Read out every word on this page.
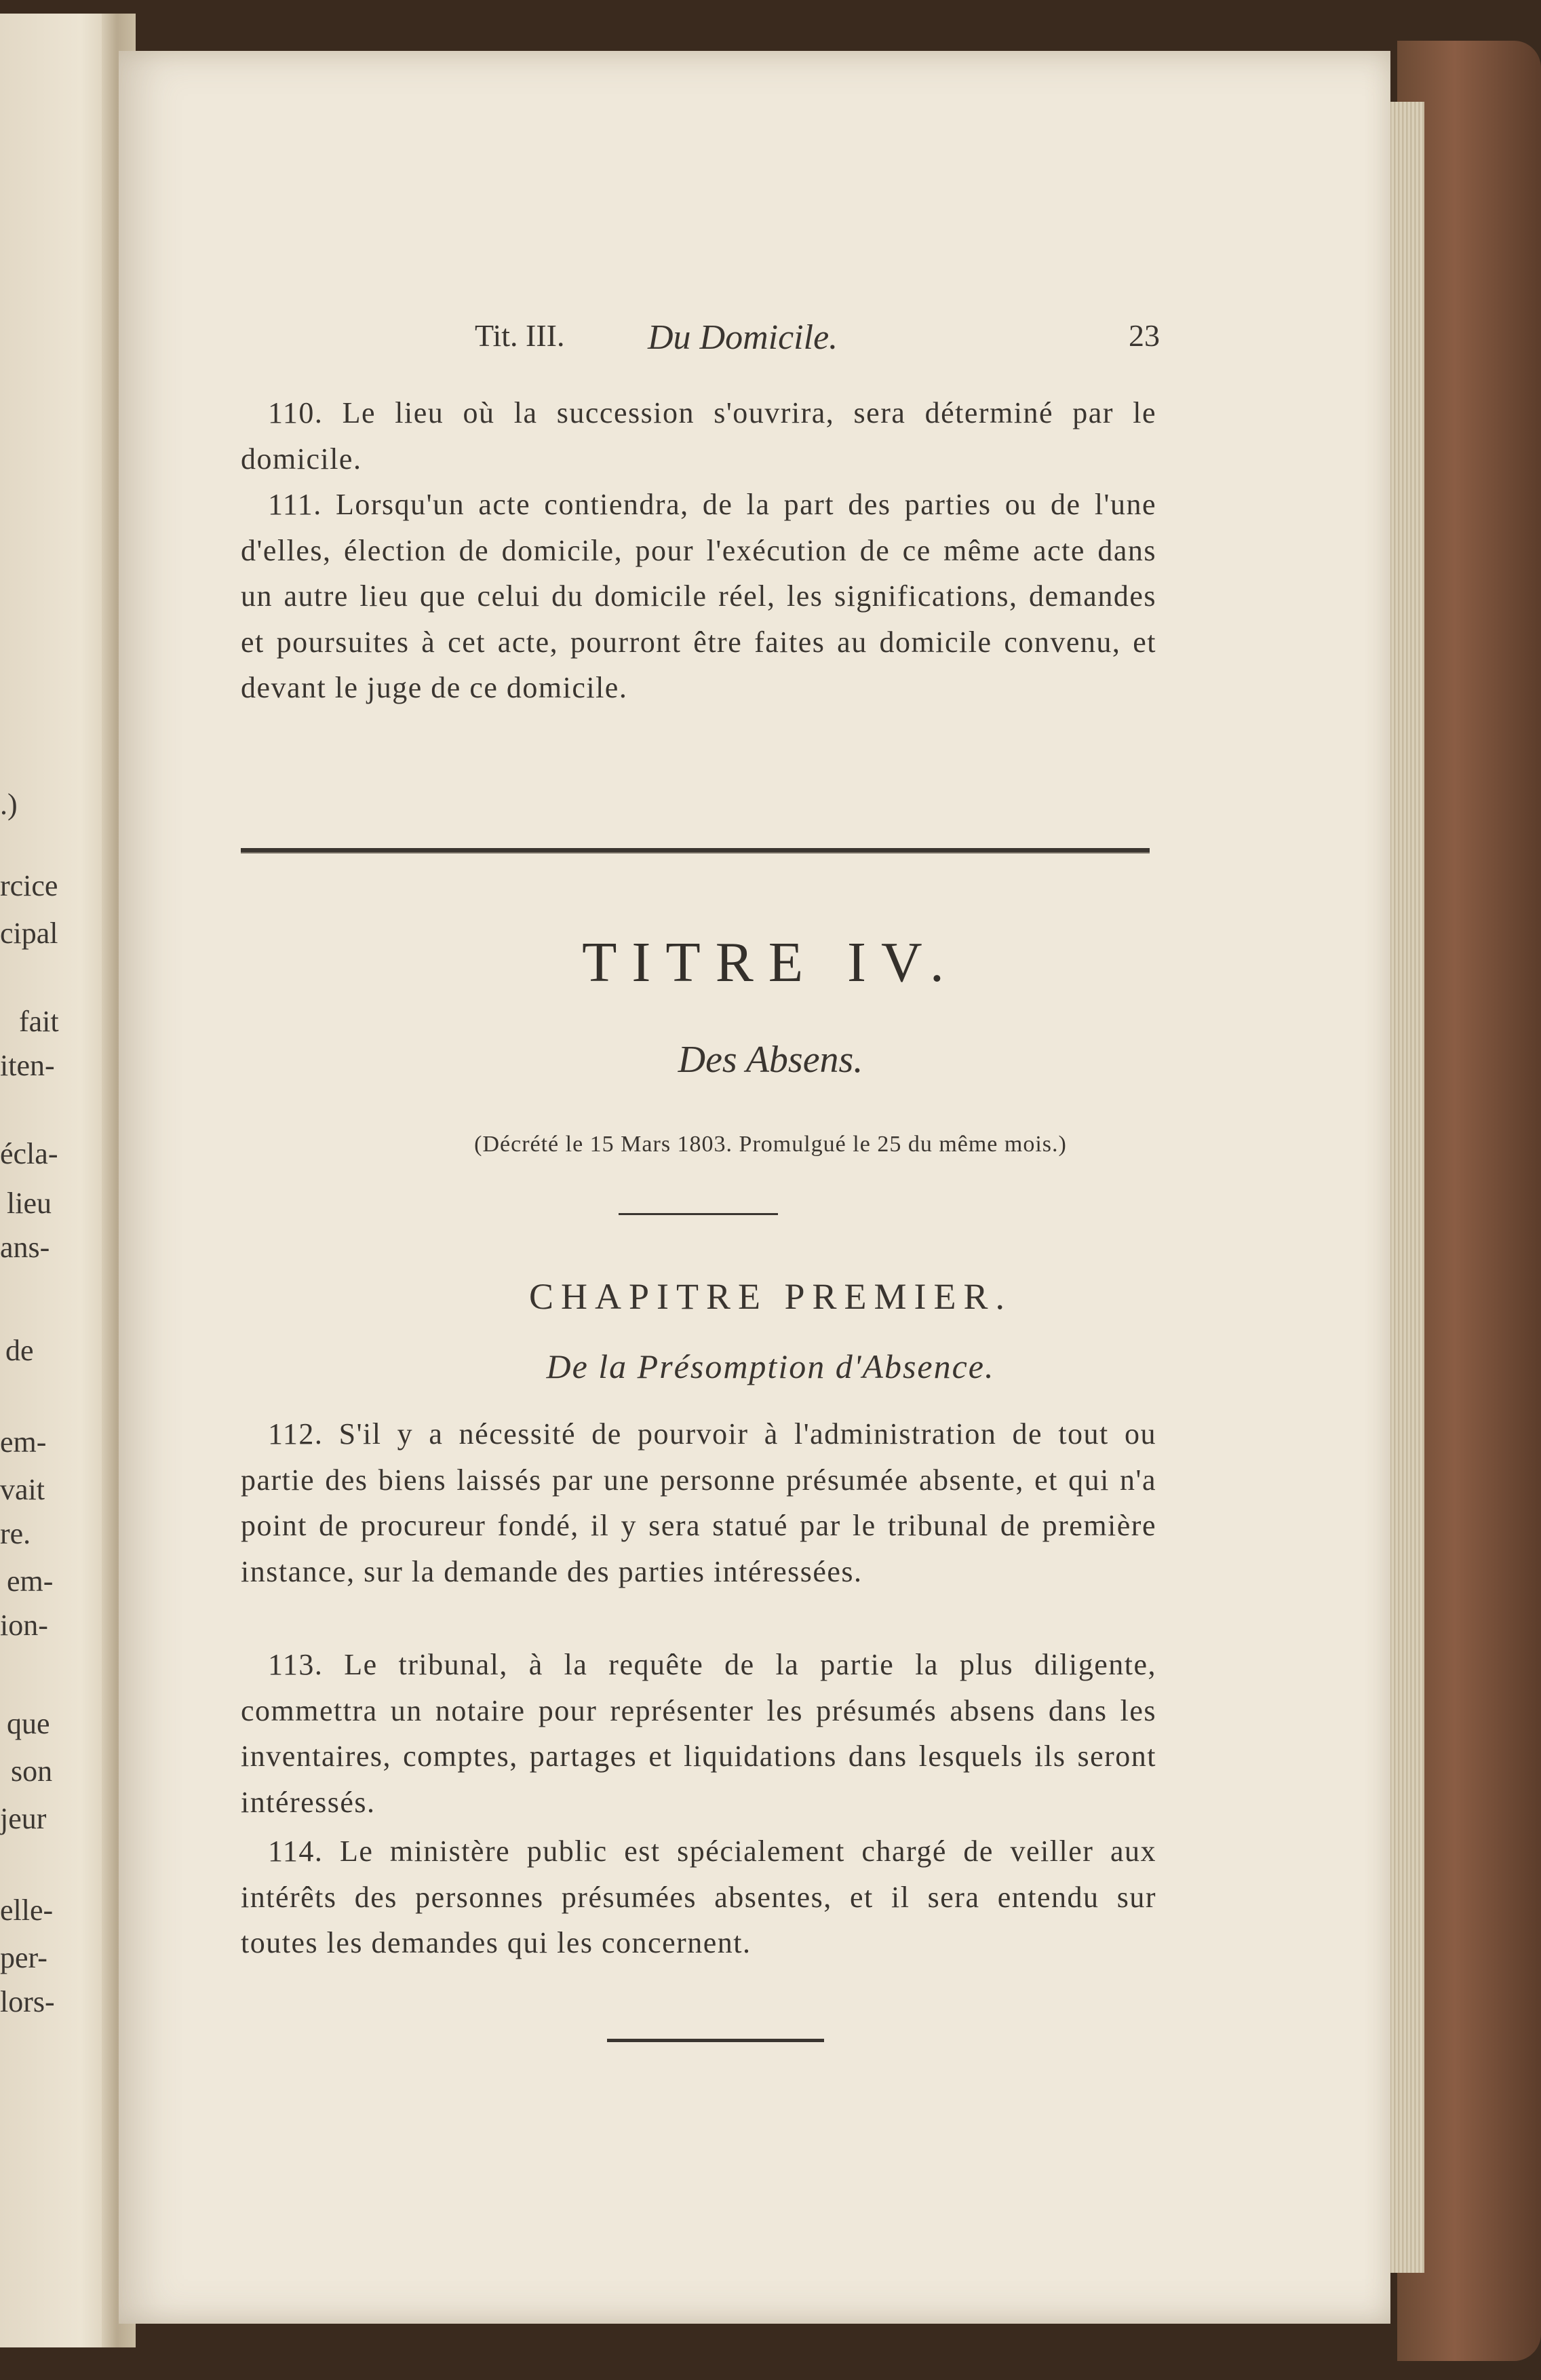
.)
rcice
cipal
fait
iten-
écla-
lieu
ans-
de
em-
vait
re.
em-
ion-
que
son
jeur
elle-
per-
lors-
Tit. III. Du Domicile.	23
110. Le lieu où la succession s'ouvrira, sera déterminé par le domicile.
111. Lorsqu'un acte contiendra, de la part des parties ou de l'une d'elles, élection de domicile, pour l'exécution de ce même acte dans un autre lieu que celui du domicile réel, les significations, demandes et poursuites à cet acte, pourront être faites au domicile convenu, et devant le juge de ce domicile.
TITRE IV.
Des Absens.
(Décrété le 15 Mars 1803. Promulgué le 25 du même mois.)
CHAPITRE PREMIER.
De la Présomption d'Absence.
112. S'il y a nécessité de pourvoir à l'administration de tout ou partie des biens laissés par une personne présumée absente, et qui n'a point de procureur fondé, il y sera statué par le tribunal de première instance, sur la demande des parties intéressées.
113. Le tribunal, à la requête de la partie la plus diligente, commettra un notaire pour représenter les présumés absens dans les inventaires, comptes, partages et liquidations dans lesquels ils seront intéressés.
114. Le ministère public est spécialement chargé de veiller aux intérêts des personnes présumées absentes, et il sera entendu sur toutes les demandes qui les concernent.
